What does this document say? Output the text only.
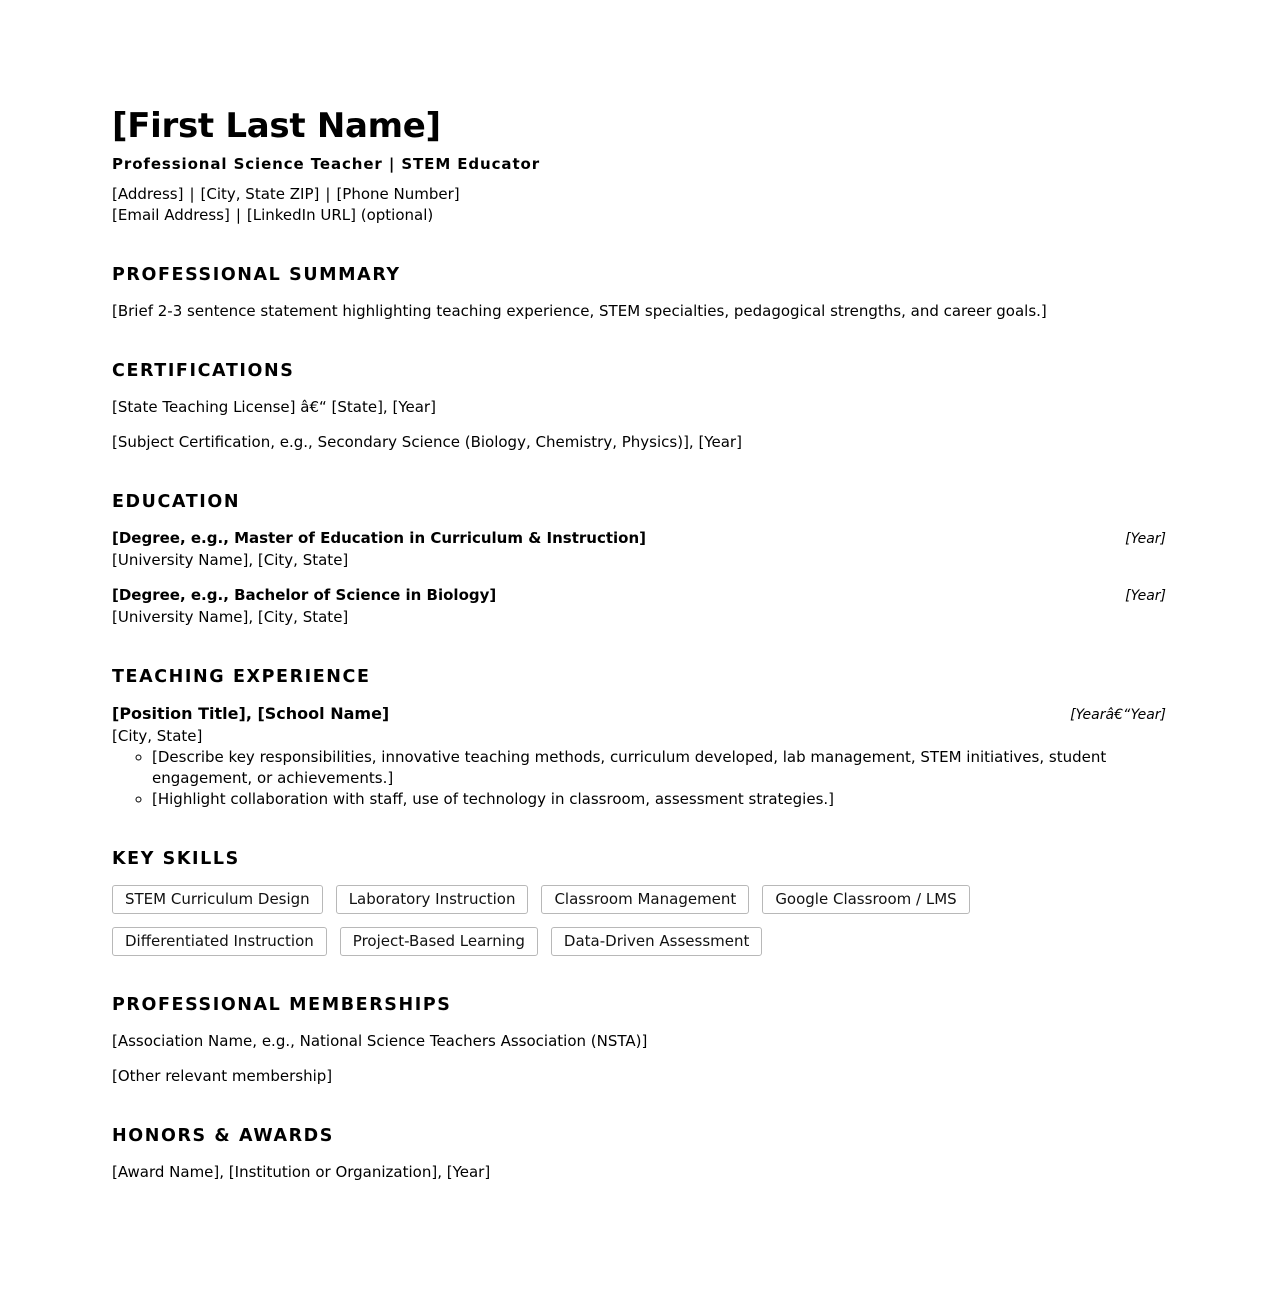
[First Last Name]
Professional Science Teacher | STEM Educator
[Address] | [City, State ZIP] | [Phone Number]
[Email Address] | [LinkedIn URL] (optional)
PROFESSIONAL SUMMARY

[Brief 2-3 sentence statement highlighting teaching experience, STEM specialties, pedagogical strengths, and career goals.]

CERTIFICATIONS

[State Teaching License] â€“ [State], [Year]

[Subject Certification, e.g., Secondary Science (Biology, Chemistry, Physics)], [Year]

EDUCATION
[Degree, e.g., Master of Education in Curriculum & Instruction]	[Year]
[University Name], [City, State]
[Degree, e.g., Bachelor of Science in Biology]	[Year]
[University Name], [City, State]
TEACHING EXPERIENCE
[Position Title], [School Name]	[Yearâ€“Year]
[City, State]
◦ [Describe key responsibilities, innovative teaching methods, curriculum developed, lab management, STEM initiatives, student engagement, or achievements.]
◦ [Highlight collaboration with staff, use of technology in classroom, assessment strategies.]
KEY SKILLS
STEM Curriculum Design	Laboratory Instruction	Classroom Management	Google Classroom / LMS
Differentiated Instruction	Project-Based Learning	Data-Driven Assessment
PROFESSIONAL MEMBERSHIPS

[Association Name, e.g., National Science Teachers Association (NSTA)]

[Other relevant membership]

HONORS & AWARDS

[Award Name], [Institution or Organization], [Year]
